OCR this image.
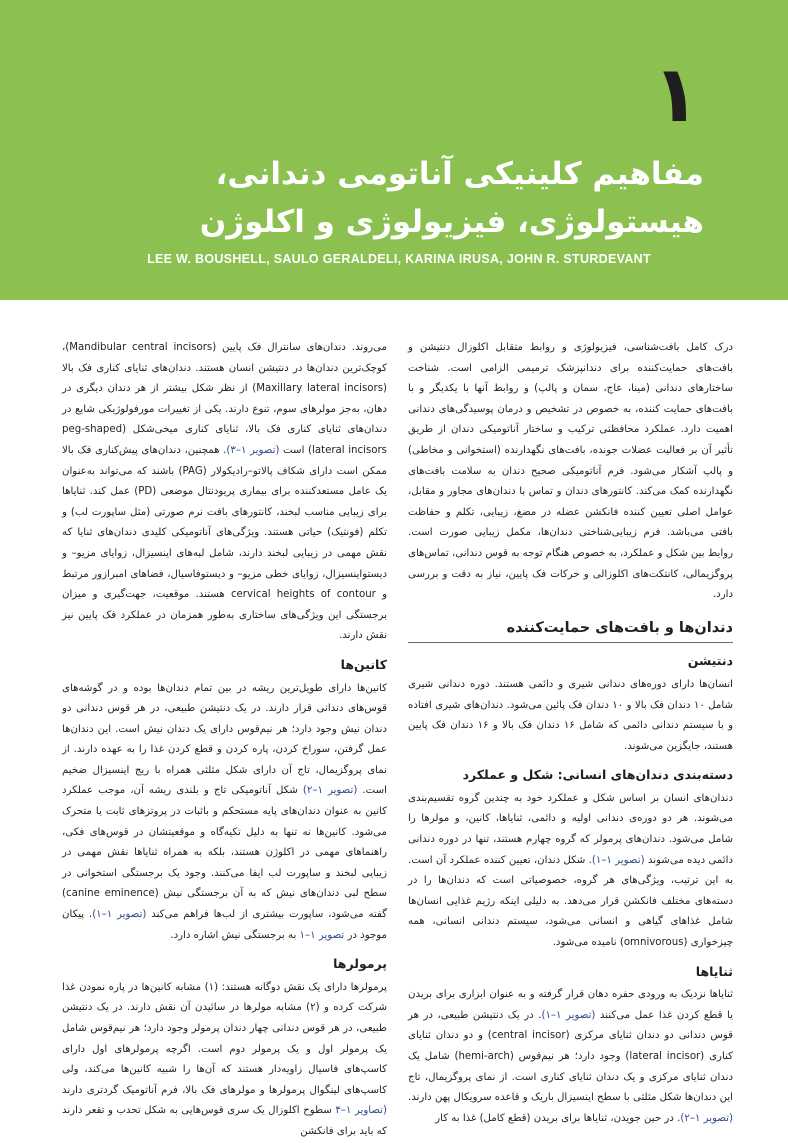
۱
مفاهیم کلینیکی آناتومی دندانی، هیستولوژی، فیزیولوژی و اکلوژن
LEE W. BOUSHELL, SAULO GERALDELI, KARINA IRUSA, JOHN R. STURDEVANT

درک کامل بافت‌شناسی، فیزیولوژی و روابط متقابل اکلوزال دنتیشن و بافت‌های حمایت‌کننده برای دندانپزشک ترمیمی الزامی است. شناخت ساختارهای دندانی (مینا، عاج، سمان و پالپ) و روابط آنها با یکدیگر و با بافت‌های حمایت کننده، به خصوص در تشخیص و درمان پوسیدگی‌های دندانی اهمیت دارد. عملکرد محافظتی ترکیب و ساختار آناتومیکی دندان از طریق تأثیر آن بر فعالیت عضلات جونده، بافت‌های نگهدارنده (استخوانی و مخاطی) و پالپ آشکار می‌شود. فرم آناتومیکی صحیح دندان به سلامت بافت‌های نگهدارنده کمک می‌کند. کانتورهای دندان و تماس با دندان‌های مجاور و مقابل، عوامل اصلی تعیین کننده فانکشن عضله در مضغ، زیبایی، تکلم و حفاظت بافتی می‌باشد. فرم زیبایی‌شناختی دندان‌ها، مکمل زیبایی صورت است. روابط بین شکل و عملکرد، به خصوص هنگام توجه به قوس دندانی، تماس‌های پروگزیمالی، کانتکت‌های اکلوزالی و حرکات فک پایین، نیاز به دقت و بررسی دارد.

دندان‌ها و بافت‌های حمایت‌کننده
دنتیشن

انسان‌ها دارای دوره‌های دندانی شیری و دائمی هستند. دوره دندانی شیری شامل ۱۰ دندان فک بالا و ۱۰ دندان فک پائین می‌شود. دندان‌های شیری افتاده و با سیستم دندانی دائمی که شامل ۱۶ دندان فک بالا و ۱۶ دندان فک پایین هستند، جایگزین می‌شوند.

دسته‌بندی دندان‌های انسانی: شکل و عملکرد

دندان‌های انسان بر اساس شکل و عملکرد خود به چندین گروه تقسیم‌بندی می‌شوند. هر دو دوره‌ی دندانی اولیه و دائمی، ثنایاها، کانین، و مولرها را شامل می‌شود. دندان‌های پرمولر که گروه چهارم هستند، تنها در دوره دندانی دائمی دیده می‌شوند (تصویر ۱–۱). شکل دندان، تعیین کننده عملکرد آن است. به این ترتیب، ویژگی‌های هر گروه، خصوصیاتی است که دندان‌ها را در دسته‌های مختلف فانکشن قرار می‌دهد. به دلیلی اینکه رژیم غذایی انسان‌ها شامل غذاهای گیاهی و انسانی می‌شود، سیستم دندانی انسانی، همه چیزخواری (omnivorous) نامیده می‌شود.

ثنایاها

ثنایاها نزدیک به ورودی حفره دهان قرار گرفته و به عنوان ابزاری برای بریدن یا قطع کردن غذا عمل می‌کنند (تصویر ۱–۱). در یک دنتیشن طبیعی، در هر قوس دندانی دو دندان ثنایای مرکزی (central incisor) و دو دندان ثنایای کناری (lateral incisor) وجود دارد؛ هر نیم‌قوس (hemi-arch) شامل یک دندان ثنایای مرکزی و یک دندان ثنایای کناری است. از نمای پروگزیمال، تاج این دندان‌ها شکل مثلثی با سطح اینسیزال باریک و قاعده سرویکال پهن دارند. (تصویر ۱–۲). در حین جویدن، ثنایاها برای بریدن (قطع کامل) غذا به کار

می‌روند. دندان‌های سانترال فک پایین (Mandibular central incisors)، کوچک‌ترین دندان‌ها در دنتیشن انسان هستند. دندان‌های ثنایای کناری فک بالا (Maxillary lateral incisors) از نظر شکل بیشتر از هر دندان دیگری در دهان، به‌جز مولرهای سوم، تنوع دارند. یکی از تغییرات مورفولوژیکی شایع در دندان‌های ثنایای کناری فک بالا، ثنایای کناری میخی‌شکل (peg-shaped lateral incisors) است (تصویر ۱–۳). همچنین، دندان‌های پیش‌کناری فک بالا ممکن است دارای شکاف پالاتو–رادیکولار (PAG) باشند که می‌تواند به‌عنوان یک عامل مستعدکننده برای بیماری پریودنتال موضعی (PD) عمل کند. ثنایاها برای زیبایی مناسب لبخند، کانتورهای بافت نرم صورتی (مثل ساپورت لب) و تکلم (فونتیک) حیاتی هستند. ویژگی‌های آناتومیکی کلیدی دندان‌های ثنایا که نقش مهمی در زیبایی لبخند دارند، شامل لبه‌های اینسیزال، زوایای مزیو– و دیستواینسیزال، زوایای خطی مزیو– و دیستوفاسیال، فضاهای امبرازور مرتبط و cervical heights of contour هستند. موقعیت، جهت‌گیری و میزان برجستگی این ویژگی‌های ساختاری به‌طور همزمان در عملکرد فک پایین نیز نقش دارند.

کانین‌ها

کانین‌ها دارای طویل‌ترین ریشه در بین تمام دندان‌ها بوده و در گوشه‌های قوس‌های دندانی قرار دارند. در یک دنتیشن طبیعی، در هر قوس دندانی دو دندان نیش وجود دارد؛ هر نیم‌قوس دارای یک دندان نیش است. این دندان‌ها عمل گرفتن، سوراخ کردن، پاره کردن و قطع کردن غذا را به عهده دارند. از نمای پروگزیمال، تاج آن دارای شکل مثلثی همراه با ریج اینسیزال ضخیم است. (تصویر ۱–۲) شکل آناتومیکی تاج و بلندی ریشه آن، موجب عملکرد کانین به عنوان دندان‌های پایه مستحکم و باثبات در پروتزهای ثابت یا متحرک می‌شود. کانین‌ها نه تنها به دلیل تکیه‌گاه و موقعیتشان در قوس‌های فکی، راهنماهای مهمی در اکلوژن هستند، بلکه به همراه ثنایاها نقش مهمی در زیبایی لبخند و ساپورت لب ایفا می‌کنند. وجود یک برجستگی استخوانی در سطح لبی دندان‌های نیش که به آن برجستگی نیش (canine eminence) گفته می‌شود، ساپورت بیشتری از لب‌ها فراهم می‌کند (تصویر ۱–۱). پیکان موجود در تصویر ۱–۱ به برجستگی نیش اشاره دارد.

پرمولرها

پرمولرها دارای یک نقش دوگانه هستند: (۱) مشابه کانین‌ها در پاره نمودن غذا شرکت کرده و (۲) مشابه مولرها در سائیدن آن نقش دارند. در یک دنتیشن طبیعی، در هر قوس دندانی چهار دندان پرمولر وجود دارد؛ هر نیم‌قوس شامل یک پرمولر اول و یک پرمولر دوم است. اگرچه پرمولرهای اول دارای کاسپ‌های فاسیال زاویه‌دار هستند که آن‌ها را شبیه کانین‌ها می‌کند، ولی کاسپ‌های لینگوال پرمولرها و مولرهای فک بالا، فرم آناتومیک گردتری دارند (تصاویر ۱–۴ سطوح اکلوزال یک سری قوس‌هایی به شکل تحدب و تقعر دارند که باید برای فانکشن
